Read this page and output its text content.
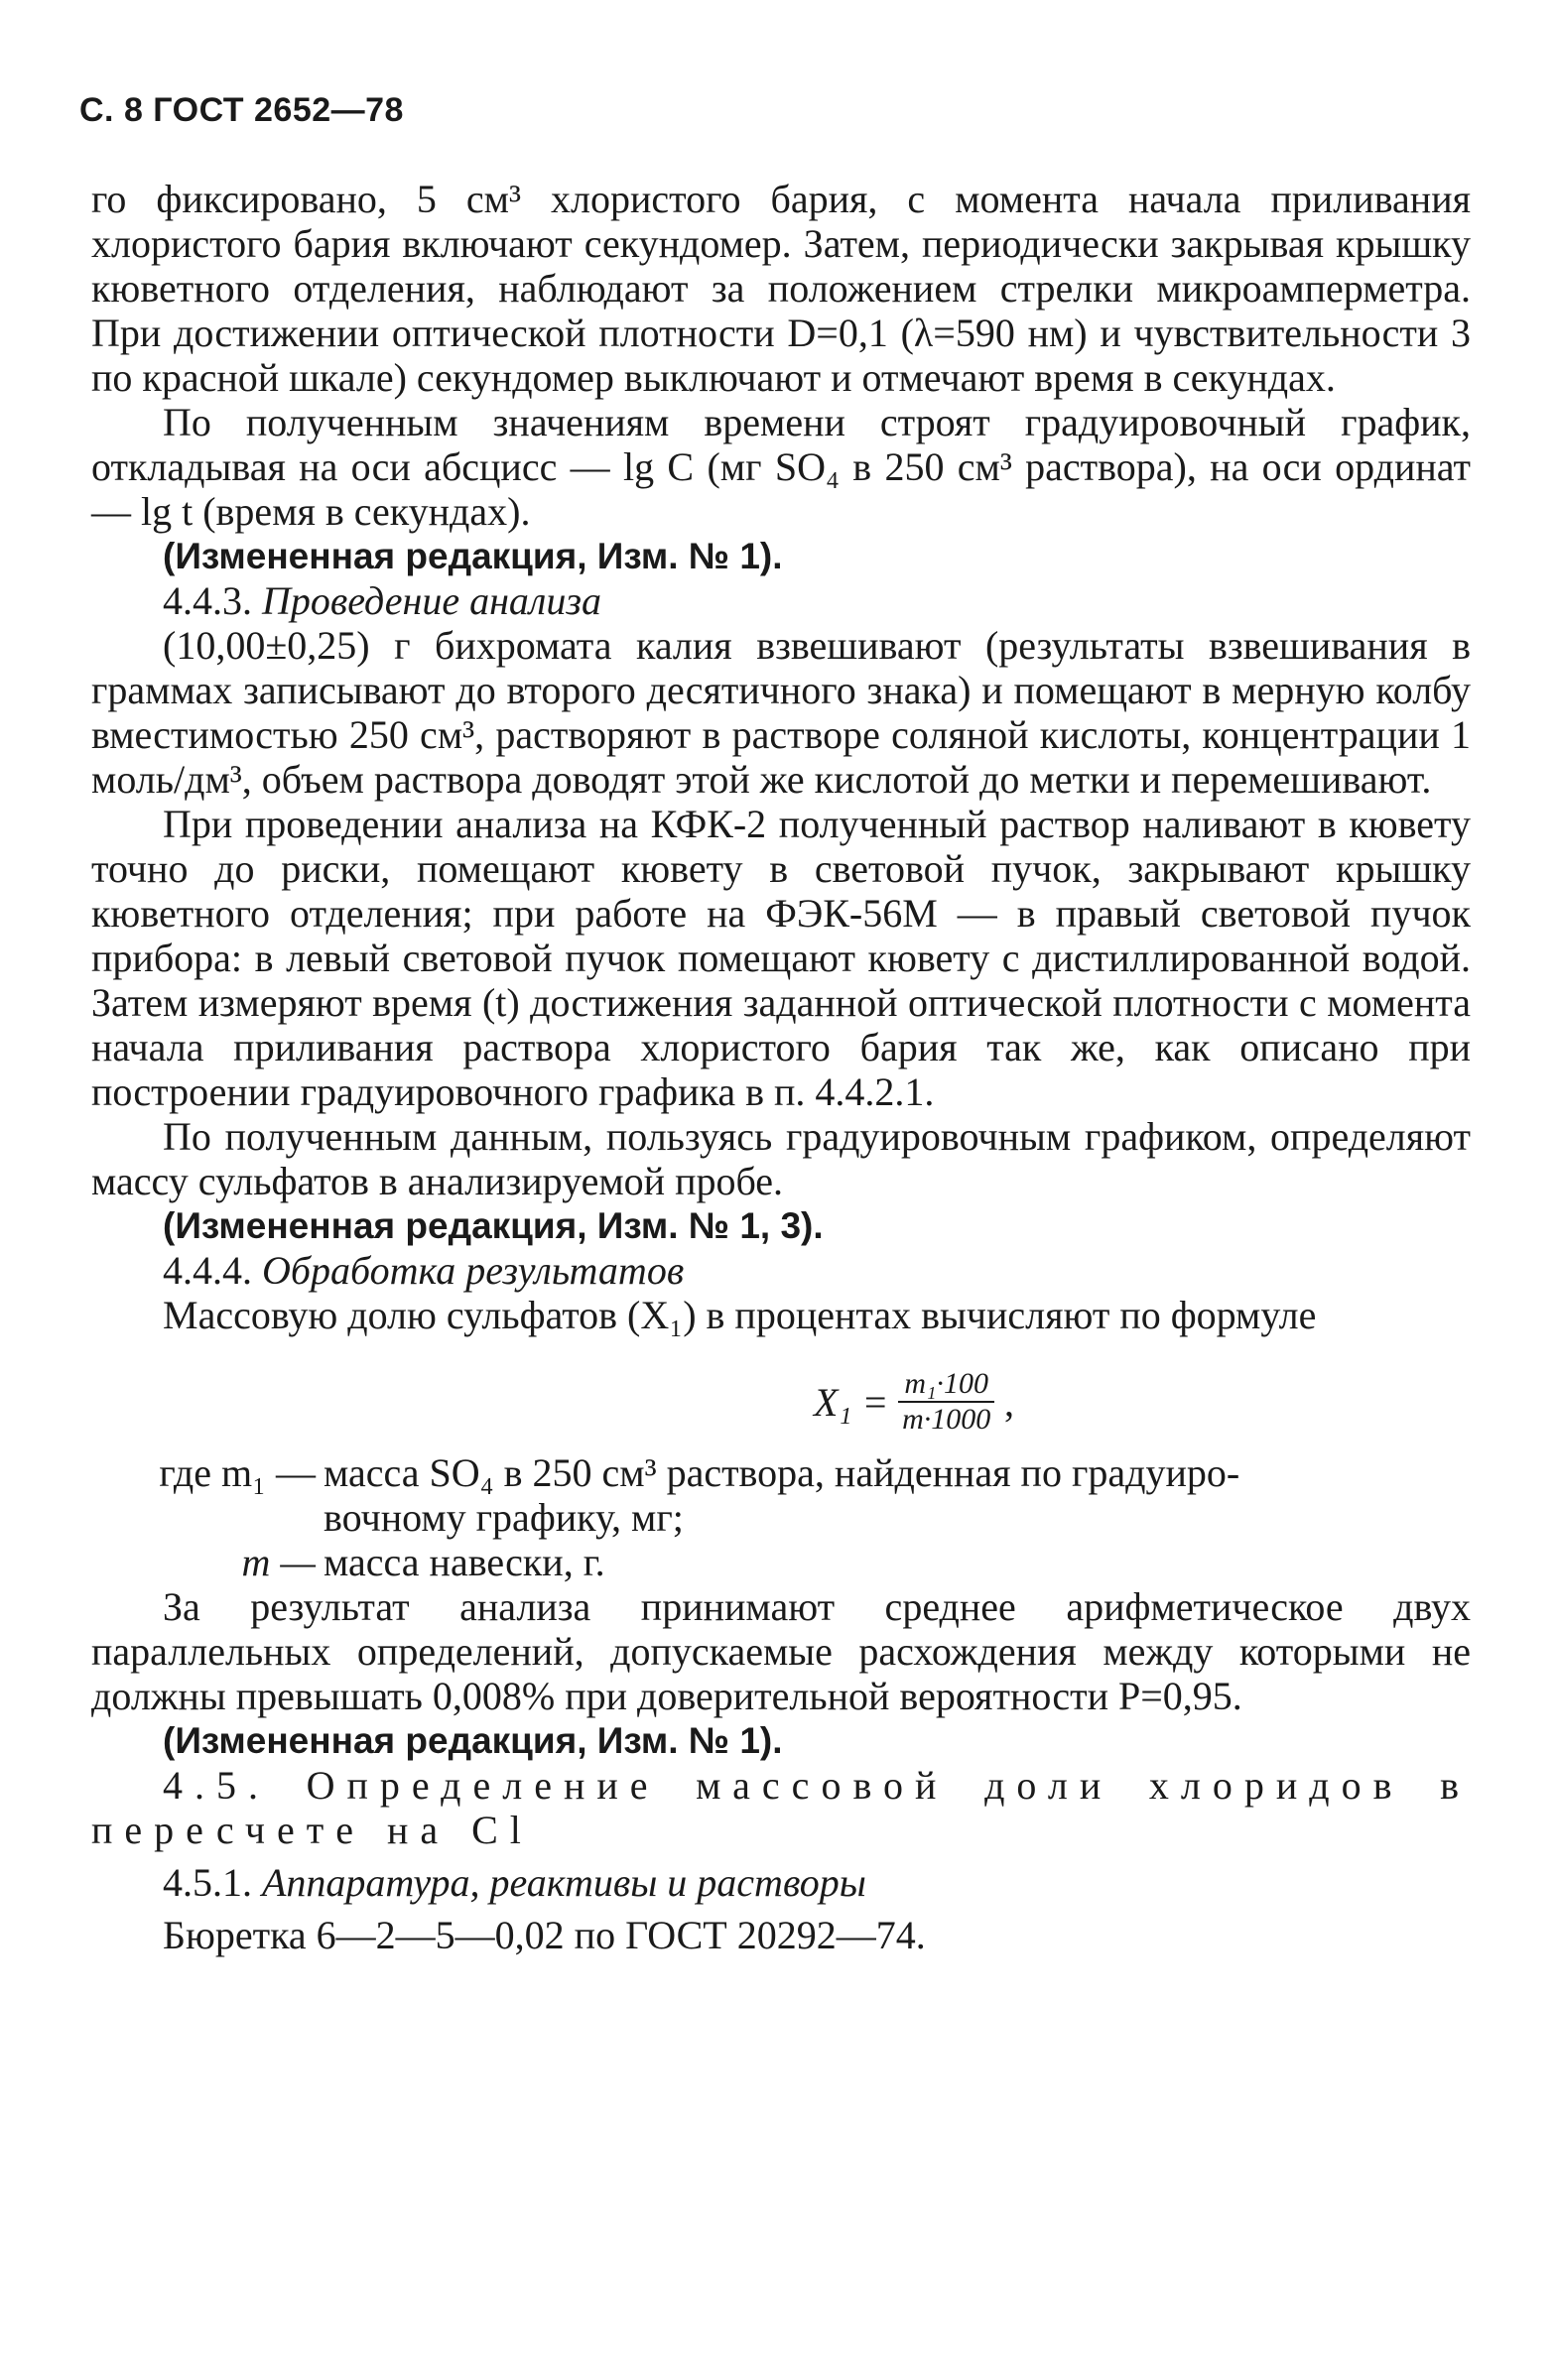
С. 8 ГОСТ 2652—78

го фиксировано, 5 см³ хлористого бария, с момента начала приливания хлористого бария включают секундомер. Затем, периодически закрывая крышку кюветного отделения, наблюдают за положением стрелки микроамперметра. При достижении оптической плотности D=0,1 (λ=590 нм) и чувствительности 3 по красной шкале) секундомер выключают и отмечают время в секундах.

По полученным значениям времени строят градуировочный график, откладывая на оси абсцисс — lg C (мг SO₄ в 250 см³ раствора), на оси ординат — lg t (время в секундах).

(Измененная редакция, Изм. № 1).

4.4.3. Проведение анализа

(10,00±0,25) г бихромата калия взвешивают (результаты взвешивания в граммах записывают до второго десятичного знака) и помещают в мерную колбу вместимостью 250 см³, растворяют в растворе соляной кислоты, концентрации 1 моль/дм³, объем раствора доводят этой же кислотой до метки и перемешивают.

При проведении анализа на КФК-2 полученный раствор наливают в кювету точно до риски, помещают кювету в световой пучок, закрывают крышку кюветного отделения; при работе на ФЭК-56М — в правый световой пучок прибора: в левый световой пучок помещают кювету с дистиллированной водой. Затем измеряют время (t) достижения заданной оптической плотности с момента начала приливания раствора хлористого бария так же, как описано при построении градуировочного графика в п. 4.4.2.1.

По полученным данным, пользуясь градуировочным графиком, определяют массу сульфатов в анализируемой пробе.

(Измененная редакция, Изм. № 1, 3).

4.4.4. Обработка результатов

Массовую долю сульфатов (X₁) в процентах вычисляют по формуле

$X_1 = \frac{\text{m₁·100}}{m\cdot 1000}$ ,
где m₁ — масса SO₄ в 250 см³ раствора, найденная по градуиро-
вочному графику, мг;
m — масса навески, г.

За результат анализа принимают среднее арифметическое двух параллельных определений, допускаемые расхождения между которыми не должны превышать 0,008% при доверительной вероятности P=0,95.

(Измененная редакция, Изм. № 1).

4.5. Определение массовой доли хлоридов в пересчете на Cl

4.5.1. Аппаратура, реактивы и растворы

Бюретка 6—2—5—0,02 по ГОСТ 20292—74.
